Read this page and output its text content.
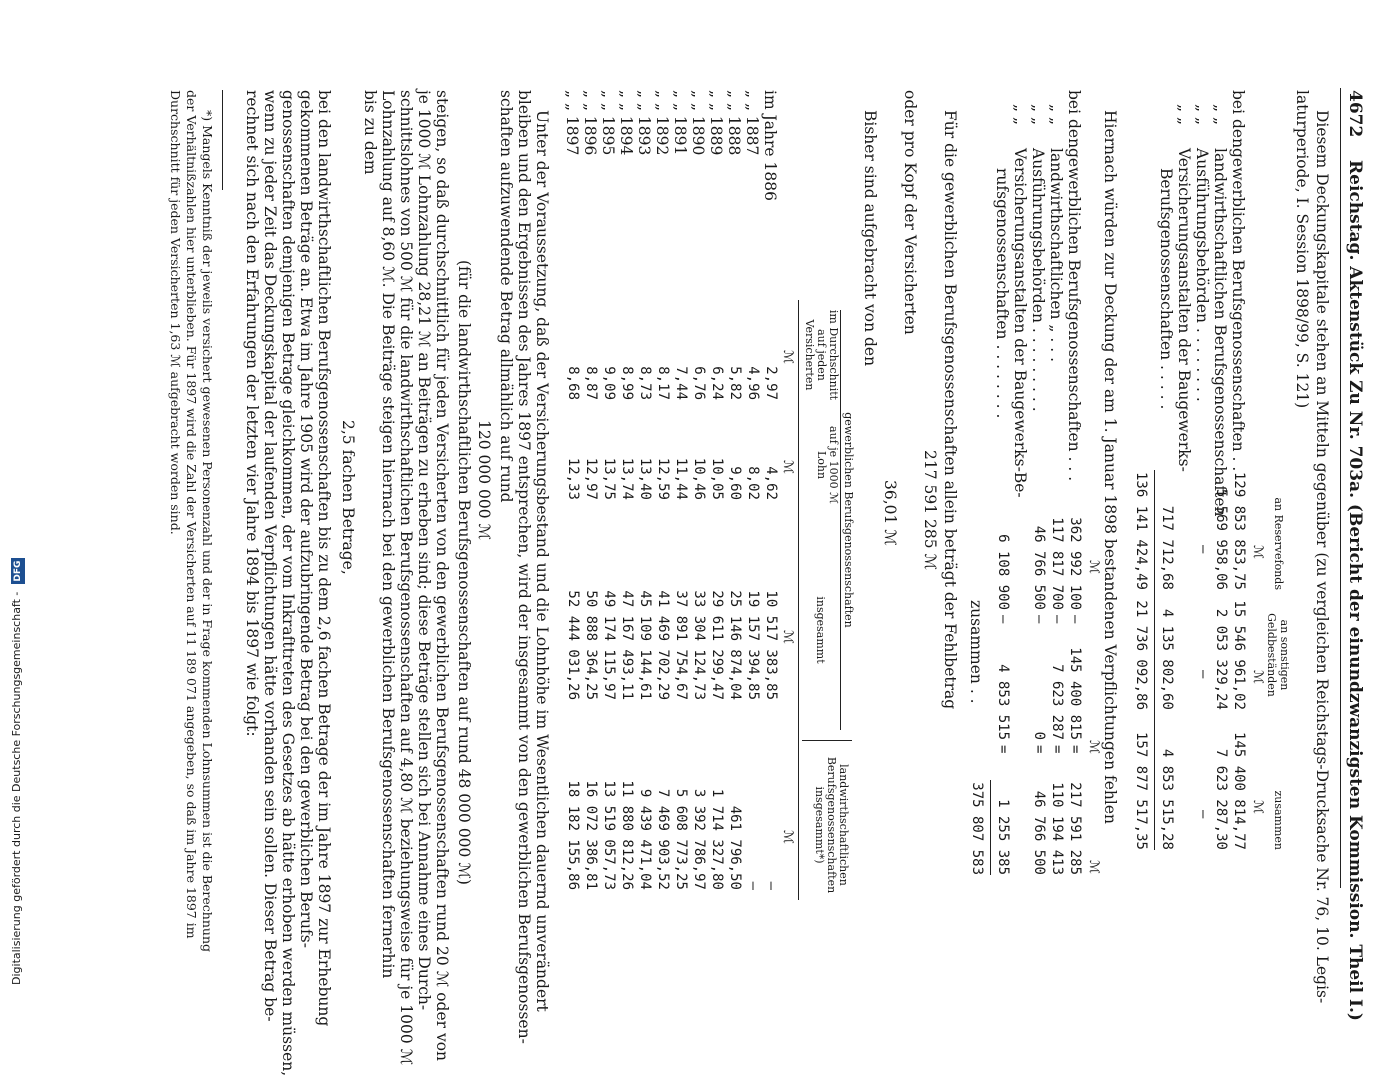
4672
Reichstag. Aktenstück Zu Nr. 703a. (Bericht der einundzwanzigsten Kommission. Theil I.)
Diesem Deckungskapitale stehen an Mitteln gegenüber (zu vergleichen Reichstags-Drucksache Nr. 76, 10. Legis-
laturperiode, I. Session 1898/99, S. 121)
an Reservefonds
an sonstigen Geldbeständen
zusammen
ℳ
ℳ
ℳ
bei den
gewerblichen Berufsgenossenschaften . .
129 853 853,75
15 546 961,02
145 400 814,77
„ „
landwirthschaftlichen Berufsgenossenschaften
5 569 958,06
2 053 329,24
7 623 287,30
„ „
Ausführungsbehörden . . . . . . . .
—
—
—
„ „
Versicherungsanstalten der Baugewerks-
Berufsgenossenschaften . . . . .
717 712,68
4 135 802,60
4 853 515,28
136 141 424,49
21 736 092,86
157 877 517,35
Hiernach würden zur Deckung der am 1. Januar 1898 bestandenen Verpflichtungen fehlen
ℳ
ℳ
ℳ
bei den
gewerblichen Berufsgenossenschaften . . .
362 992 100
—
145 400 815
=
217 591 285
„ „
landwirthschaftlichen „ . . .
117 817 700
—
7 623 287
=
110 194 413
„ „
Ausführungsbehörden . . . . . . . . .
46 766 500
—
0
=
46 766 500
„ „
Versicherungsanstalten der Baugewerks-Be-
rufsgenossenschaften . . . . . . . .
6 108 900
—
4 853 515
=
1 255 385
zusammen . .
375 807 583
Für die gewerblichen Berufsgenossenschaften allein beträgt der Fehlbetrag
217 591 285 ℳ
oder pro Kopf der Versicherten
36,01 ℳ
Bisher sind aufgebracht von den
gewerblichen Berufsgenossenschaften
im Durchschnitt auf jeden Versicherten
auf je 1000 ℳ Lohn
insgesammt
landwirthschaftlichen Berufsgenossenschaften insgesammt*)
ℳ
ℳ
ℳ
ℳ
im Jahre 1886
2,97
4,62
10 517 383,85
—
„ „ 1887
4,96
8,02
19 157 394,85
—
„ „ 1888
5,82
9,60
25 146 874,04
461 796,50
„ „ 1889
6,24
10,05
29 611 299,47
1 714 327,80
„ „ 1890
6,76
10,46
33 304 124,73
3 392 786,97
„ „ 1891
7,44
11,44
37 891 754,67
5 608 773,25
„ „ 1892
8,17
12,59
41 469 702,29
7 469 903,52
„ „ 1893
8,73
13,40
45 109 144,61
9 439 471,04
„ „ 1894
8,99
13,74
47 167 493,11
11 880 812,26
„ „ 1895
9,09
13,75
49 174 115,97
13 519 057,73
„ „ 1896
8,87
12,97
50 888 364,25
16 072 386,81
„ „ 1897
8,68
12,33
52 444 031,26
18 182 155,86
Unter der Voraussetzung, daß der Versicherungsbestand und die Lohnhöhe im Wesentlichen dauernd unverändert
bleiben und den Ergebnissen des Jahres 1897 entsprechen, wird der insgesammt von den gewerblichen Berufsgenossen-
schaften aufzuwendende Betrag allmählich auf rund
120 000 000 ℳ
(für die landwirthschaftlichen Berufsgenossenschaften auf rund 48 000 000 ℳ)
steigen, so daß durchschnittlich für jeden Versicherten von den gewerblichen Berufsgenossenschaften rund 20 ℳ oder von
je 1000 ℳ Lohnzahlung 28,21 ℳ an Beiträgen zu erheben sind; diese Beträge stellen sich bei Annahme eines Durch-
schnittslohnes von 500 ℳ für die landwirthschaftlichen Berufsgenossenschaften auf 4,80 ℳ beziehungsweise für je 1000 ℳ
Lohnzahlung auf 8,60 ℳ. Die Beiträge steigen hiernach bei den gewerblichen Berufsgenossenschaften fernerhin
bis zu dem
2,5 fachen Betrage,
bei den landwirthschaftlichen Berufsgenossenschaften bis zu dem 2,6 fachen Betrage der im Jahre 1897 zur Erhebung
gekommenen Beträge an. Etwa im Jahre 1905 wird der aufzubringende Betrag bei den gewerblichen Berufs-
genossenschaften demjenigen Betrage gleichkommen, der vom Inkrafttreten des Gesetzes ab hätte erhoben werden müssen,
wenn zu jeder Zeit das Deckungskapital der laufenden Verpflichtungen hätte vorhanden sein sollen. Dieser Betrag be-
rechnet sich nach den Erfahrungen der letzten vier Jahre 1894 bis 1897 wie folgt:
*) Mangels Kenntniß der jeweils versichert gewesenen Personenzahl und der in Frage kommenden Lohnsummen ist die Berechnung
der Verhältnißzahlen hier unterblieben. Für 1897 wird die Zahl der Versicherten auf 11 189 071 angegeben, so daß im Jahre 1897 im
Durchschnitt für jeden Versicherten 1,63 ℳ aufgebracht worden sind.
Digitalisierung gefördert durch die Deutsche Forschungsgemeinschaft - DFG
